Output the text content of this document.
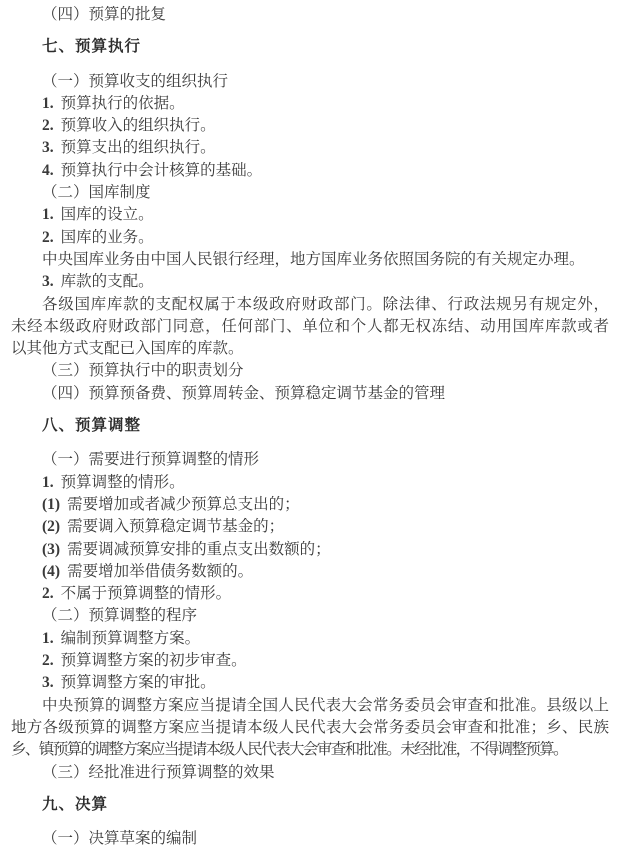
（四）预算的批复

七、预算执行

（一）预算收支的组织执行

1. 预算执行的依据。

2. 预算收入的组织执行。

3. 预算支出的组织执行。

4. 预算执行中会计核算的基础。

（二）国库制度

1. 国库的设立。

2. 国库的业务。

中央国库业务由中国人民银行经理，地方国库业务依照国务院的有关规定办理。

3. 库款的支配。

各级国库库款的支配权属于本级政府财政部门。除法律、行政法规另有规定外，

未经本级政府财政部门同意，任何部门、单位和个人都无权冻结、动用国库库款或者

以其他方式支配已入国库的库款。

（三）预算执行中的职责划分

（四）预算预备费、预算周转金、预算稳定调节基金的管理

八、预算调整

（一）需要进行预算调整的情形

1. 预算调整的情形。

(1) 需要增加或者减少预算总支出的；

(2) 需要调入预算稳定调节基金的；

(3) 需要调减预算安排的重点支出数额的；

(4) 需要增加举借债务数额的。

2. 不属于预算调整的情形。

（二）预算调整的程序

1. 编制预算调整方案。

2. 预算调整方案的初步审查。

3. 预算调整方案的审批。

中央预算的调整方案应当提请全国人民代表大会常务委员会审查和批准。县级以上

地方各级预算的调整方案应当提请本级人民代表大会常务委员会审查和批准；乡、民族

乡、镇预算的调整方案应当提请本级人民代表大会审查和批准。未经批准，不得调整预算。

（三）经批准进行预算调整的效果

九、决算

（一）决算草案的编制
